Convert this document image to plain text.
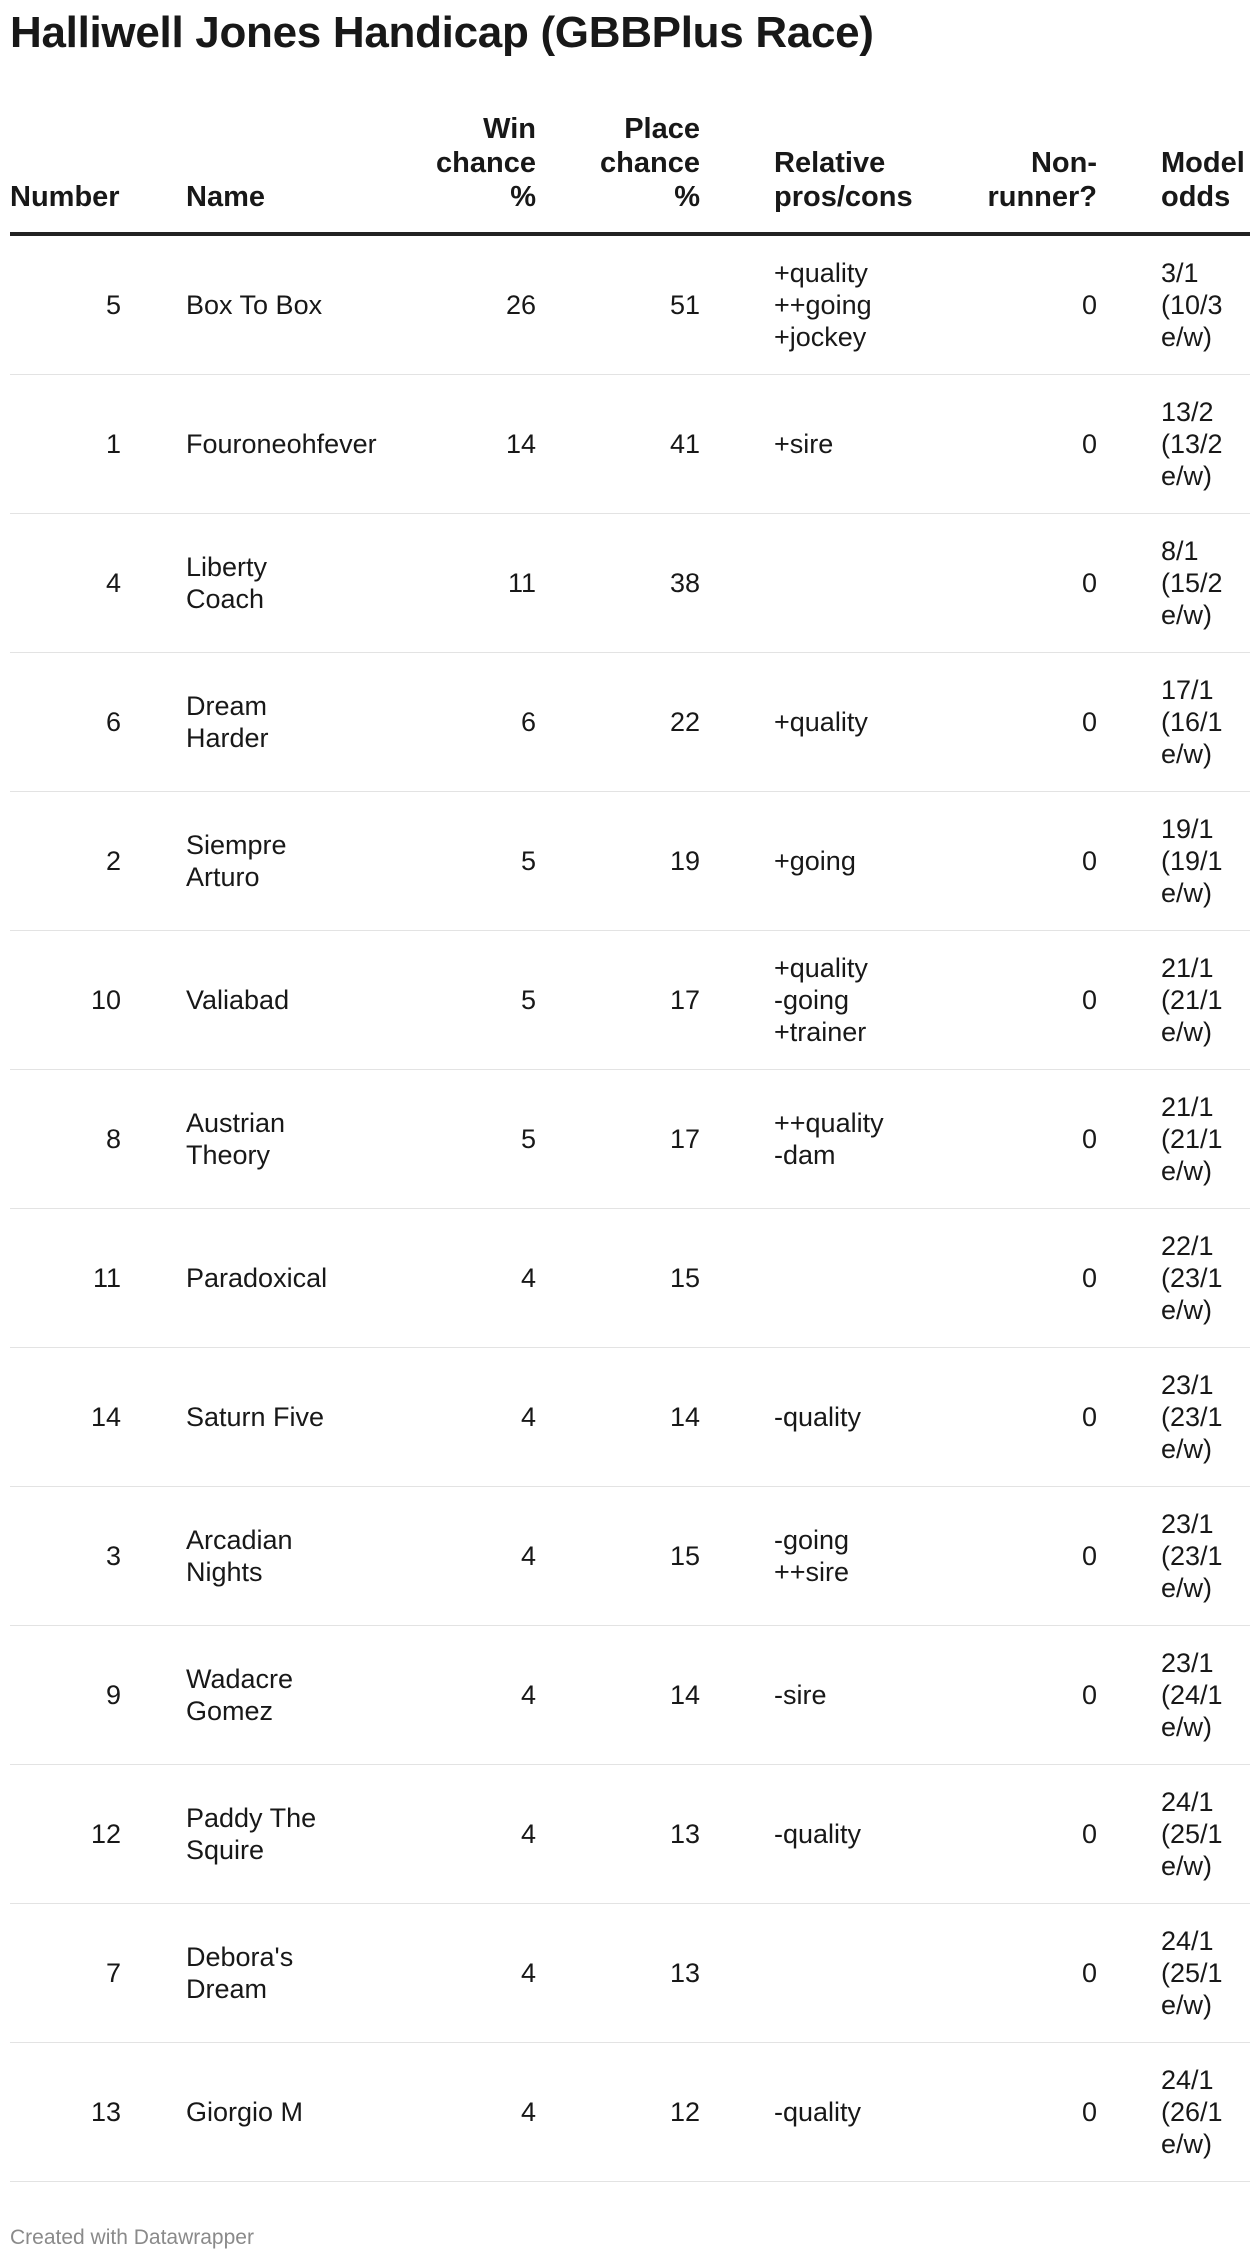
Halliwell Jones Handicap (GBBPlus Race)
Number	Name	Win
chance
%	Place
chance
%	Relative
pros/cons	Non-
runner?	Model
odds

5	Box To Box	26	51	+quality
++going
+jockey	0	3/1
(10/3
e/w)
1	Fouroneohfever	14	41	+sire	0	13/2
(13/2
e/w)
4	Liberty Coach	11	38		0	8/1
(15/2
e/w)
6	Dream Harder	6	22	+quality	0	17/1
(16/1
e/w)
2	Siempre Arturo	5	19	+going	0	19/1
(19/1
e/w)
10	Valiabad	5	17	+quality
-going
+trainer	0	21/1
(21/1
e/w)
8	Austrian Theory	5	17	++quality
-dam	0	21/1
(21/1
e/w)
11	Paradoxical	4	15		0	22/1
(23/1
e/w)
14	Saturn Five	4	14	-quality	0	23/1
(23/1
e/w)
3	Arcadian Nights	4	15	-going
++sire	0	23/1
(23/1
e/w)
9	Wadacre Gomez	4	14	-sire	0	23/1
(24/1
e/w)
12	Paddy The Squire	4	13	-quality	0	24/1
(25/1
e/w)
7	Debora's Dream	4	13		0	24/1
(25/1
e/w)
13	Giorgio M	4	12	-quality	0	24/1
(26/1
e/w)
Created with Datawrapper
